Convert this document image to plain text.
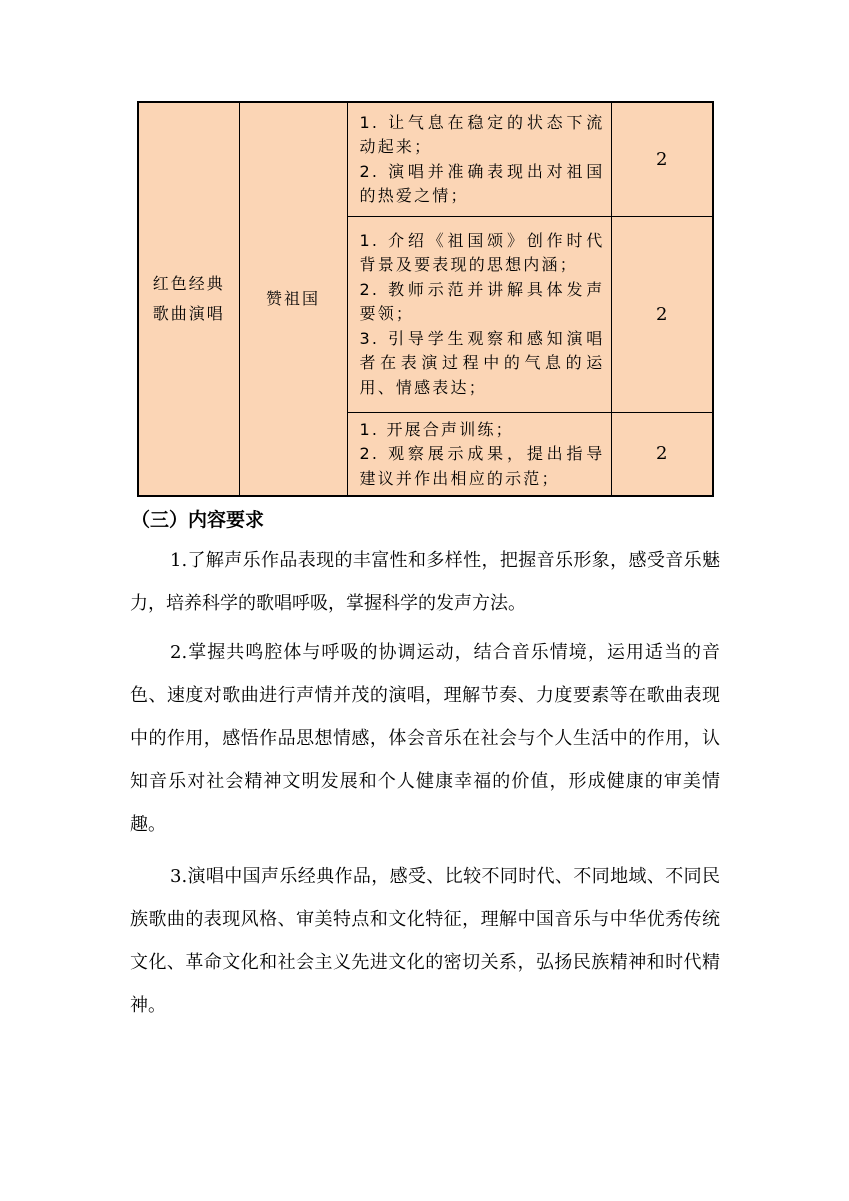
红色经典歌曲演唱	赞祖国	1. 让气息在稳定的状态下流动起来；

2. 演唱并准确表现出对祖国的热爱之情；	2

		1. 介绍《祖国颂》创作时代背景及要表现的思想内涵；

2. 教师示范并讲解具体发声要领；

3. 引导学生观察和感知演唱者在表演过程中的气息的运用、情感表达；	2

		1. 开展合声训练；

2. 观察展示成果，提出指导建议并作出相应的示范；	2
（三）内容要求

1.了解声乐作品表现的丰富性和多样性，把握音乐形象，感受音乐魅力，培养科学的歌唱呼吸，掌握科学的发声方法。

2.掌握共鸣腔体与呼吸的协调运动，结合音乐情境，运用适当的音色、速度对歌曲进行声情并茂的演唱，理解节奏、力度要素等在歌曲表现中的作用，感悟作品思想情感，体会音乐在社会与个人生活中的作用，认知音乐对社会精神文明发展和个人健康幸福的价值，形成健康的审美情趣。

3.演唱中国声乐经典作品，感受、比较不同时代、不同地域、不同民族歌曲的表现风格、审美特点和文化特征，理解中国音乐与中华优秀传统文化、革命文化和社会主义先进文化的密切关系，弘扬民族精神和时代精神。
